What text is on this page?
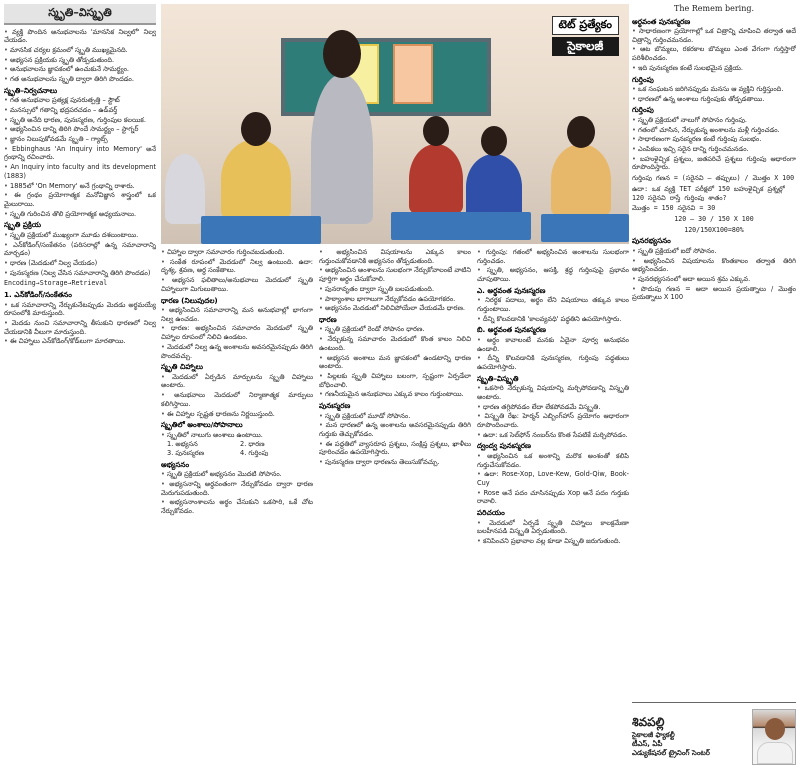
స్మృతి–విస్మృతి
• వ్యక్తి పొందిన అనుభవాలను 'మానసిక నిల్వలో' నిల్వ చేయడం.
• మానసిక చర్యల క్రమంలో స్మృతి ముఖ్యమైనది.
• అభ్యసన ప్రక్రియకు స్మృతి తోడ్పడుతుంది.
• అనుభవాలను జ్ఞాపకంలో ఉంచుకునే సామర్థ్యం.
• గత అనుభవాలను స్మృతి ద్వారా తిరిగి పొందడం.
స్మృతి–నిర్వచనాలు
• గత అనుభవాల ప్రత్యక్ష పునరుత్పత్తి – స్టౌట్
• మనస్సులో గతాన్ని భద్రపరచడం – ఉడ్‌వర్త్
• స్మృతి అనేది ధారణ, పునఃస్మరణ, గుర్తింపుల కలయిక.
• అభ్యసించిన దాన్ని తిరిగి పొందే సామర్థ్యం – స్టాగ్నర్
• జ్ఞానం నిలుపుకోవడమే స్మృతి – గ్యాట్స్
• Ebbinghaus 'An Inquiry into Memory' అనే గ్రంథాన్ని రచించారు.
• An Inquiry into faculty and its development (1883)
• 1885లో 'On Memory' అనే గ్రంథాన్ని రాశారు.
• ఈ గ్రంథం ప్రయోగాత్మక మనోవిజ్ఞాన శాస్త్రంలో ఒక మైలురాయి.
• స్మృతి గురించిన తొలి ప్రయోగాత్మక అధ్యయనాలు.
స్మృతి ప్రక్రియ
• స్మృతి ప్రక్రియలో ముఖ్యంగా మూడు దశలుంటాయి.
• ఎన్‌కోడింగ్/సంకేతనం (పరిసరాల్లో ఉన్న సమాచారాన్ని మార్చడం)
• ధారణ (మెదడులో నిల్వ చేయడం)
• పునఃస్మరణ (నిల్వ చేసిన సమాచారాన్ని తిరిగి పొందడం)
Encoding→Storage→Retrieval
1. ఎన్‌కోడింగ్/సంకేతనం
• ఒక సమాచారాన్ని నేర్చుకునేటప్పుడు మెదడు అర్థమయ్యే రూపంలోకి మారుస్తుంది.
• మెదడు నుంచి సమాచారాన్ని తీసుకుని ధారణలో నిల్వ చేయడానికి వీలుగా మారుస్తుంది.
• ఈ చిహ్నాలు ఎన్‌కోడింగ్/కోడ్‌లుగా మారతాయి.
టెట్ ప్రత్యేకం
సైకాలజీ
• చిహ్నాల ద్వారా సమాచారం గుర్తించబడుతుంది.
• సంకేత రూపంలో మెదడులో నిల్వ ఉంటుంది. ఉదా: దృశ్య, శ్రవణ, అర్థ సంకేతాలు.
• అభ్యసన ఫలితాలు/అనుభవాలు మెదడులో స్మృతి చిహ్నాలుగా మిగులుతాయి.
ధారణ (నిలుపుదల)
• అభ్యసించిన సమాచారాన్ని మన అనుభవాల్లో భాగంగా నిల్వ ఉంచడం.
• ధారణ: అభ్యసించిన సమాచారం మెదడులో స్మృతి చిహ్నాల రూపంలో నిలిచి ఉండటం.
• మెదడులో నిల్వ ఉన్న అంశాలను అవసరమైనప్పుడు తిరిగి పొందవచ్చు.
స్మృతి చిహ్నాలు
• మెదడులో ఏర్పడిన మార్పులను స్మృతి చిహ్నాలు అంటారు.
• అనుభవాలు మెదడులో నిర్మాణాత్మక మార్పులు కలిగిస్తాయి.
• ఈ చిహ్నాల స్పష్టత ధారణను నిర్ణయిస్తుంది.
స్మృతిలో అంశాలు/సోపానాలు
• స్మృతిలో నాలుగు అంశాలు ఉంటాయి.
1. అభ్యసన	2. ధారణ
3. పునఃస్మరణ	4. గుర్తింపు
అభ్యసనం
• స్మృతి ప్రక్రియలో అభ్యసనం మొదటి సోపానం.
• అభ్యసనాన్ని అర్థవంతంగా నేర్చుకోవడం ద్వారా ధారణ మెరుగుపడుతుంది.
• అభ్యసనాంశాలను అర్థం చేసుకుని ఒకసారి, ఒకే చోట నేర్చుకోవడం.
• అభ్యసించిన విషయాలను ఎక్కువ కాలం గుర్తుంచుకోవడానికి అభ్యసనం తోడ్పడుతుంది.
• అభ్యసించిన అంశాలను సులభంగా నేర్చుకోవాలంటే వాటిని పూర్తిగా అర్థం చేసుకోవాలి.
• పునరావృతం ద్వారా స్మృతి బలపడుతుంది.
• పాఠ్యాంశాల భాగాలుగా నేర్చుకోవడం ఉపయోగకరం.
• అభ్యసనం మెదడులో నిలిచిపోయేలా చేయడమే ధారణ.
ధారణ
• స్మృతి ప్రక్రియలో రెండో సోపానం ధారణ.
• నేర్చుకున్న సమాచారం మెదడులో కొంత కాలం నిలిచి ఉంటుంది.
• అభ్యసన అంశాలు మన జ్ఞాపకంలో ఉండటాన్ని ధారణ అంటారు.
• పిల్లలకు స్మృతి చిహ్నాలు బలంగా, స్పష్టంగా ఏర్పడేలా బోధించాలి.
• గణనీయమైన అనుభవాలు ఎక్కువ కాలం గుర్తుంటాయి.
పునఃస్మరణ
• స్మృతి ప్రక్రియలో మూడో సోపానం.
• మన ధారణలో ఉన్న అంశాలను అవసరమైనప్పుడు తిరిగి గుర్తుకు తెచ్చుకోవడం.
• ఈ పద్ధతిలో వ్యాసరూప ప్రశ్నలు, సంక్షిప్త ప్రశ్నలు, ఖాళీలు పూరించడం ఉపయోగిస్తారు.
• పునఃస్మరణ ద్వారా ధారణను తెలుసుకోవచ్చు.
• గుర్తింపు: గతంలో అభ్యసించిన అంశాలను సులభంగా గుర్తించడం.
• స్మృతి, అభ్యసనం, ఆసక్తి, శ్రద్ధ గుర్తింపుపై ప్రభావం చూపుతాయి.
ఎ. అర్థవంత పునఃస్మరణ
• నిరర్థక పదాలు, అర్థం లేని విషయాలు తక్కువ కాలం గుర్తుంటాయి.
• దీన్ని కొలవడానికి 'కాలవ్యవధి' పద్ధతిని ఉపయోగిస్తారు.
బి. అర్థవంత పునఃస్మరణ
• అర్థం కావాలంటే మనకు ఏదైనా పూర్వ అనుభవం ఉండాలి.
• దీన్ని కొలవడానికి పునఃస్మరణ, గుర్తింపు పద్ధతులు ఉపయోగిస్తారు.
స్మృతి–విస్మృతి
• ఒకసారి నేర్చుకున్న విషయాన్ని మర్చిపోవడాన్ని విస్మృతి అంటారు.
• ధారణ తగ్గిపోవడం లేదా లేకపోవడమే విస్మృతి.
• విస్మృతి రేఖ: హెర్మన్ ఎబ్బింగ్‌హాస్ ప్రయోగం ఆధారంగా రూపొందించారు.
• ఉదా: ఒక సెల్‌ఫోన్ నంబర్‌ను కొంత సేపటికే మర్చిపోవడం.
ద్వంద్వ పునఃస్మరణ
• అభ్యసించిన ఒక అంశాన్ని మరొక అంశంతో కలిపి గుర్తుచేసుకోవడం.
• ఉదా: Rose-Xop, Love-Kew, Gold-Qiw, Book-Cuy
• Rose అనే పదం చూసినప్పుడు Xop అనే పదం గుర్తుకు రావాలి.
పరిచయం
• మెదడులో ఏర్పడే స్మృతి చిహ్నాలు కాలక్రమేణా బలహీనపడి విస్మృతి ఏర్పడుతుంది.
• కనిపించని ప్రభావాల వల్ల కూడా విస్మృతి జరుగుతుంది.
The Remem bering.
అర్థవంత పునఃస్మరణ
• సాధారణంగా ప్రయోగాల్లో ఒక చిత్రాన్ని చూపించి తర్వాత అదే చిత్రాన్ని గుర్తించమనడం.
• ఆట బొమ్మలు, రకరకాల బొమ్మలు ఎంత వేగంగా గుర్తిస్తారో పరిశీలించడం.
• ఇది పునఃస్మరణ కంటే సులభమైన ప్రక్రియ.
గుర్తింపు
• ఒక సంఘటన జరిగినప్పుడు మనసు ఆ వ్యక్తిని గుర్తిస్తుంది.
• ధారణలో ఉన్న అంశాలు గుర్తింపుకు తోడ్పడతాయి.
గుర్తింపు
• స్మృతి ప్రక్రియలో నాలుగో సోపానం గుర్తింపు.
• గతంలో చూసిన, నేర్చుకున్న అంశాలను మళ్లీ గుర్తించడం.
• సాధారణంగా పునఃస్మరణ కంటే గుర్తింపు సులభం.
• ఎంపికలు ఇచ్చి సరైన దాన్ని గుర్తించమనడం.
• బహుళైచ్ఛిక ప్రశ్నలు, జతపరిచే ప్రశ్నలు గుర్తింపు ఆధారంగా రూపొందిస్తారు.
గుర్తింపు గణన = (సరైనవి – తప్పులు) / మొత్తం X 100
ఉదా: ఒక వ్యక్తి TET పరీక్షలో 150 బహుళైచ్ఛిక ప్రశ్నల్లో 120 సరైనవి రాస్తే గుర్తింపు శాతం?
మొత్తం = 150 సరైనవి = 30
120 – 30 / 150 X 100
120/150X100=80%
పునరభ్యసనం
• స్మృతి ప్రక్రియలో ఐదో సోపానం.
• అభ్యసించిన విషయాలను కొంతకాలం తర్వాత తిరిగి అభ్యసించడం.
• పునరభ్యసనంలో ఆదా అయిన శ్రమ ఎక్కువ.
• పొదుపు గణన = ఆదా అయిన ప్రయత్నాలు / మొత్తం ప్రయత్నాలు X 100
శివపల్లి
సైకాలజీ ఫ్యాకల్టీ
టీఎస్, ఏపీ
ఎడ్యుకేషనల్ ట్రైనింగ్ సెంటర్
